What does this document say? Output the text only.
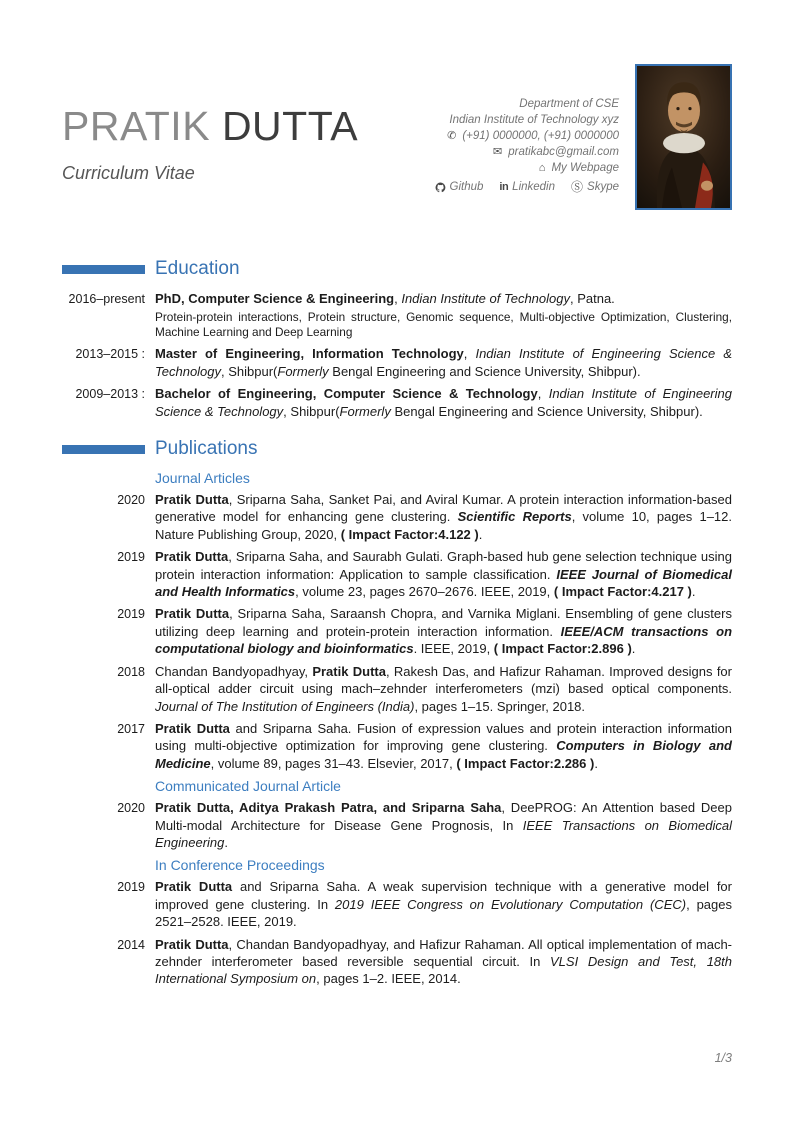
PRATIK DUTTA
Curriculum Vitae
Department of CSE
Indian Institute of Technology xyz
✆ (+91) 0000000, (+91) 0000000
✉ pratikabc@gmail.com
⌂ My Webpage
Github in Linkedin Ⓢ Skype
Education
2016–present PhD, Computer Science & Engineering, Indian Institute of Technology, Patna.
Protein-protein interactions, Protein structure, Genomic sequence, Multi-objective Optimization, Clustering, Machine Learning and Deep Learning
2013–2015 : Master of Engineering, Information Technology, Indian Institute of Engineering Science & Technology, Shibpur(Formerly Bengal Engineering and Science University, Shibpur).
2009–2013 : Bachelor of Engineering, Computer Science & Technology, Indian Institute of Engineering Science & Technology, Shibpur(Formerly Bengal Engineering and Science University, Shibpur).
Publications
Journal Articles
2020 Pratik Dutta, Sriparna Saha, Sanket Pai, and Aviral Kumar. A protein interaction information-based generative model for enhancing gene clustering. Scientific Reports, volume 10, pages 1–12. Nature Publishing Group, 2020, ( Impact Factor:4.122 ).
2019 Pratik Dutta, Sriparna Saha, and Saurabh Gulati. Graph-based hub gene selection technique using protein interaction information: Application to sample classification. IEEE Journal of Biomedical and Health Informatics, volume 23, pages 2670–2676. IEEE, 2019, ( Impact Factor:4.217 ).
2019 Pratik Dutta, Sriparna Saha, Saraansh Chopra, and Varnika Miglani. Ensembling of gene clusters utilizing deep learning and protein-protein interaction information. IEEE/ACM transactions on computational biology and bioinformatics. IEEE, 2019, ( Impact Factor:2.896 ).
2018 Chandan Bandyopadhyay, Pratik Dutta, Rakesh Das, and Hafizur Rahaman. Improved designs for all-optical adder circuit using mach–zehnder interferometers (mzi) based optical components. Journal of The Institution of Engineers (India), pages 1–15. Springer, 2018.
2017 Pratik Dutta and Sriparna Saha. Fusion of expression values and protein interaction information using multi-objective optimization for improving gene clustering. Computers in Biology and Medicine, volume 89, pages 31–43. Elsevier, 2017, ( Impact Factor:2.286 ).
Communicated Journal Article
2020 Pratik Dutta, Aditya Prakash Patra, and Sriparna Saha, DeePROG: An Attention based Deep Multi-modal Architecture for Disease Gene Prognosis, In IEEE Transactions on Biomedical Engineering.
In Conference Proceedings
2019 Pratik Dutta and Sriparna Saha. A weak supervision technique with a generative model for improved gene clustering. In 2019 IEEE Congress on Evolutionary Computation (CEC), pages 2521–2528. IEEE, 2019.
2014 Pratik Dutta, Chandan Bandyopadhyay, and Hafizur Rahaman. All optical implementation of mach-zehnder interferometer based reversible sequential circuit. In VLSI Design and Test, 18th International Symposium on, pages 1–2. IEEE, 2014.
1/3
